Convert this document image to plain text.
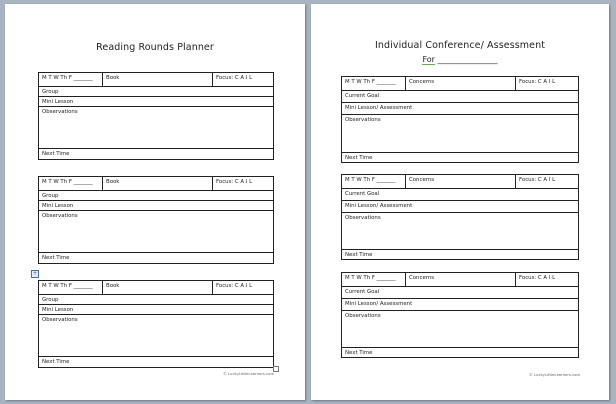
Reading Rounds Planner
M T W Th F _______	Book	Focus: C A I L
Group
Mini Lesson
Observations
Next Time
M T W Th F _______	Book	Focus: C A I L
Group
Mini Lesson
Observations
Next Time
+
M T W Th F _______	Book	Focus: C A I L
Group
Mini Lesson
Observations
Next Time
© LuckyLittleLearners.com
Individual Conference/ Assessment
For _______________
M T W Th F _______	Concerns	Focus: C A I L
Current Goal
Mini Lesson/ Assessment
Observations
Next Time
M T W Th F _______	Concerns	Focus: C A I L
Current Goal
Mini Lesson/ Assessment
Observations
Next Time
M T W Th F _______	Concerns	Focus: C A I L
Current Goal
Mini Lesson/ Assessment
Observations
Next Time
© LuckyLittleLearners.com
